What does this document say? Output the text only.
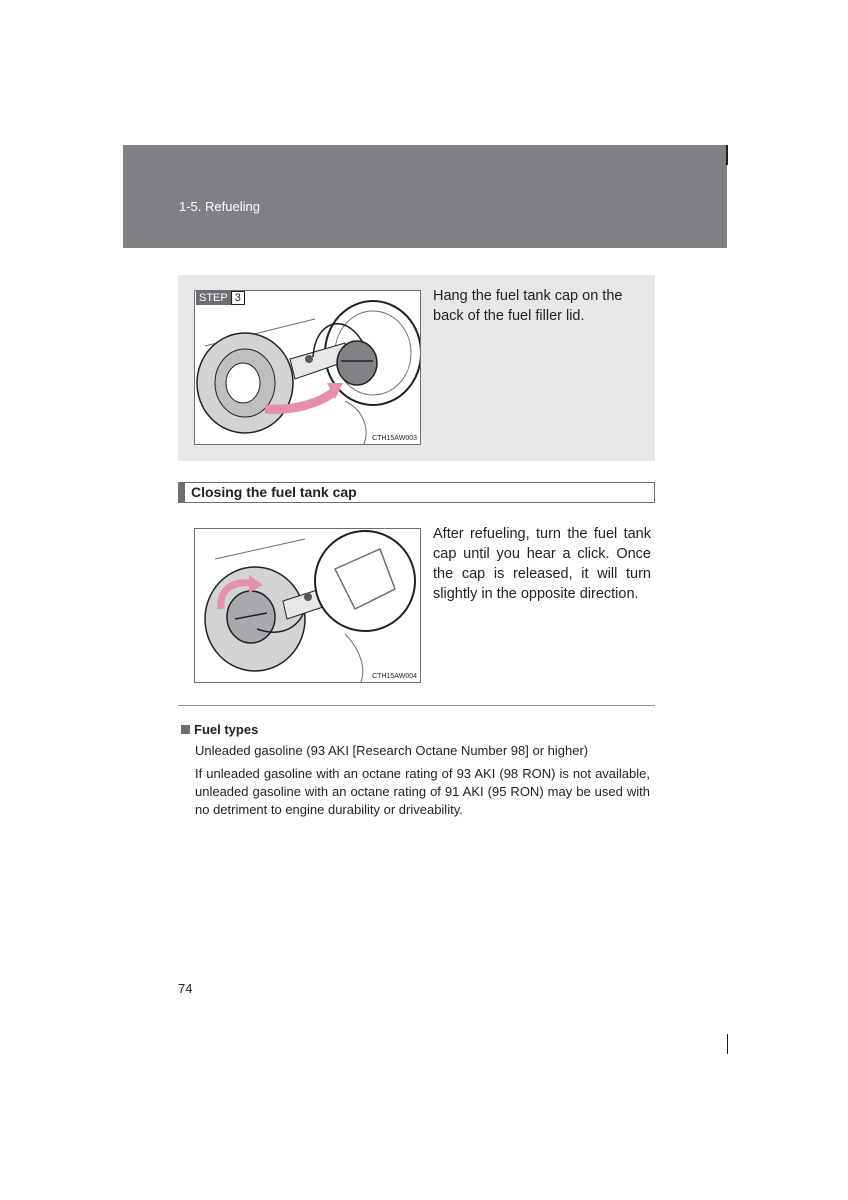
1-5. Refueling
CTH15AW003
STEP 3	Hang the fuel tank cap on the back of the fuel filler lid.
Closing the fuel tank cap
CTH15AW004
After refueling, turn the fuel tank cap until you hear a click. Once the cap is released, it will turn slightly in the opposite direction.
Fuel types
Unleaded gasoline (93 AKI [Research Octane Number 98] or higher)
If unleaded gasoline with an octane rating of 93 AKI (98 RON) is not available, unleaded gasoline with an octane rating of 91 AKI (95 RON) may be used with no detriment to engine durability or driveability.
74
